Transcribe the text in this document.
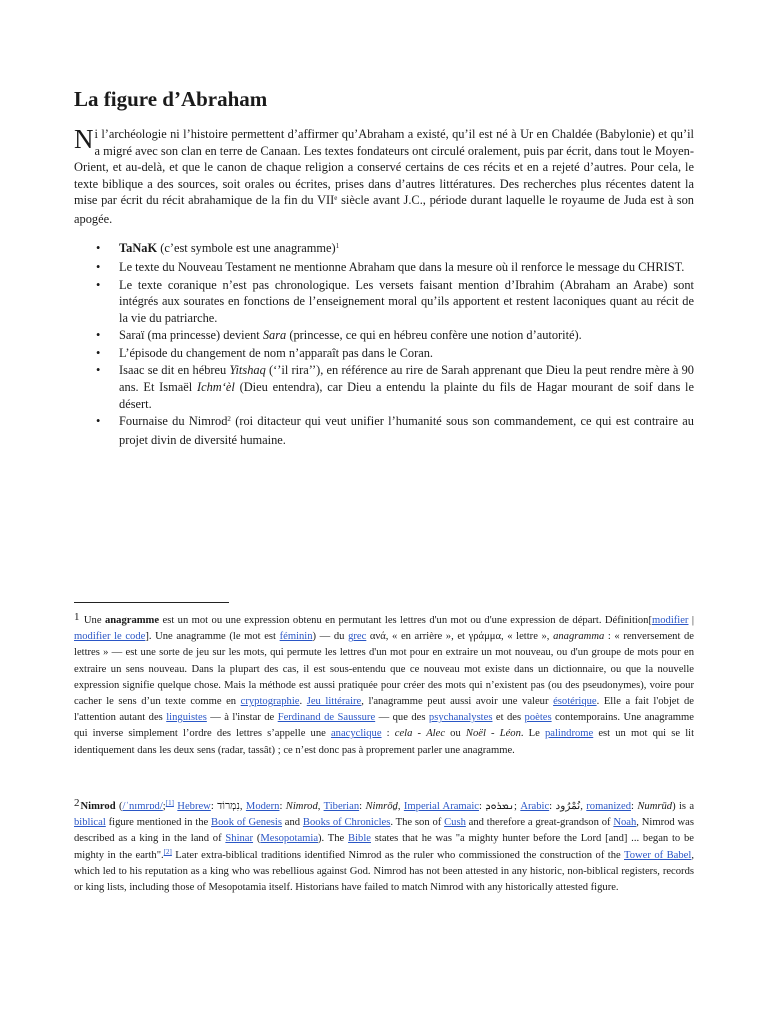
La figure d’Abraham

Ni l’archéologie ni l’histoire permettent d’affirmer qu’Abraham a existé, qu’il est né à Ur en Chaldée (Babylonie) et qu’il a migré avec son clan en terre de Canaan. Les textes fondateurs ont circulé oralement, puis par écrit, dans tout le Moyen-Orient, et au-delà, et que le canon de chaque religion a conservé certains de ces récits et en a rejeté d’autres. Pour cela, le texte biblique a des sources, soit orales ou écrites, prises dans d’autres littératures. Des recherches plus récentes datent la mise par écrit du récit abrahamique de la fin du VIIe siècle avant J.C., période durant laquelle le royaume de Juda est à son apogée.

• TaNaK (c’est symbole est une anagramme)$^1$
• Le texte du Nouveau Testament ne mentionne Abraham que dans la mesure où il renforce le message du CHRIST.
• Le texte coranique n’est pas chronologique. Les versets faisant mention d’Ibrahim (Abraham an Arabe) sont intégrés aux sourates en fonctions de l’enseignement moral qu’ils apportent et restent laconiques quant au récit de la vie du patriarche.
• Saraï (ma princesse) devient Sara (princesse, ce qui en hébreu confère une notion d’autorité).
• L’épisode du changement de nom n’apparaît pas dans le Coran.
• Isaac se dit en hébreu Yitshaq (‘’il rira’’), en référence au rire de Sarah apprenant que Dieu la peut rendre mère à 90 ans. Et Ismaël Ichm‘èl (Dieu entendra), car Dieu a entendu la plainte du fils de Hagar mourant de soif dans le désert.
• Fournaise du Nimrod$^2$ (roi ditacteur qui veut unifier l’humanité sous son commandement, ce qui est contraire au projet divin de diversité humaine.

1 Une anagramme est un mot ou une expression obtenu en permutant les lettres d'un mot ou d'une expression de départ. Définition[modifier | modifier le code]. Une anagramme (le mot est féminin) — du grec ανά, « en arrière », et γράμμα, « lettre », anagramma : « renversement de lettres » — est une sorte de jeu sur les mots, qui permute les lettres d'un mot pour en extraire un mot nouveau, ou d'un groupe de mots pour en extraire un sens nouveau. Dans la plupart des cas, il est sous-entendu que ce nouveau mot existe dans un dictionnaire, ou que la nouvelle expression signifie quelque chose. Mais la méthode est aussi pratiquée pour créer des mots qui n’existent pas (ou des pseudonymes), voire pour cacher le sens d’un texte comme en cryptographie. Jeu littéraire, l'anagramme peut aussi avoir une valeur ésotérique. Elle a fait l'objet de l'attention autant des linguistes — à l'instar de Ferdinand de Saussure — que des psychanalystes et des poètes contemporains. Une anagramme qui inverse simplement l’ordre des lettres s’appelle une anacyclique : cela - Alec ou Noël - Léon. Le palindrome est un mot qui se lit identiquement dans les deux sens (radar, tassât) ; ce n’est donc pas à proprement parler une anagramme.

2Nimrod (/ˈnɪmrɒd/;[1] Hebrew: נִמְרוֹד, Modern: Nimrod, Tiberian: Nimrōḏ, Imperial Aramaic: ܢܡܪܘܕ; Arabic: نُمْرُود, romanized: Numrūd) is a biblical figure mentioned in the Book of Genesis and Books of Chronicles. The son of Cush and therefore a great-grandson of Noah, Nimrod was described as a king in the land of Shinar (Mesopotamia). The Bible states that he was "a mighty hunter before the Lord [and] ... began to be mighty in the earth".[2] Later extra-biblical traditions identified Nimrod as the ruler who commissioned the construction of the Tower of Babel, which led to his reputation as a king who was rebellious against God. Nimrod has not been attested in any historic, non-biblical registers, records or king lists, including those of Mesopotamia itself. Historians have failed to match Nimrod with any historically attested figure.
